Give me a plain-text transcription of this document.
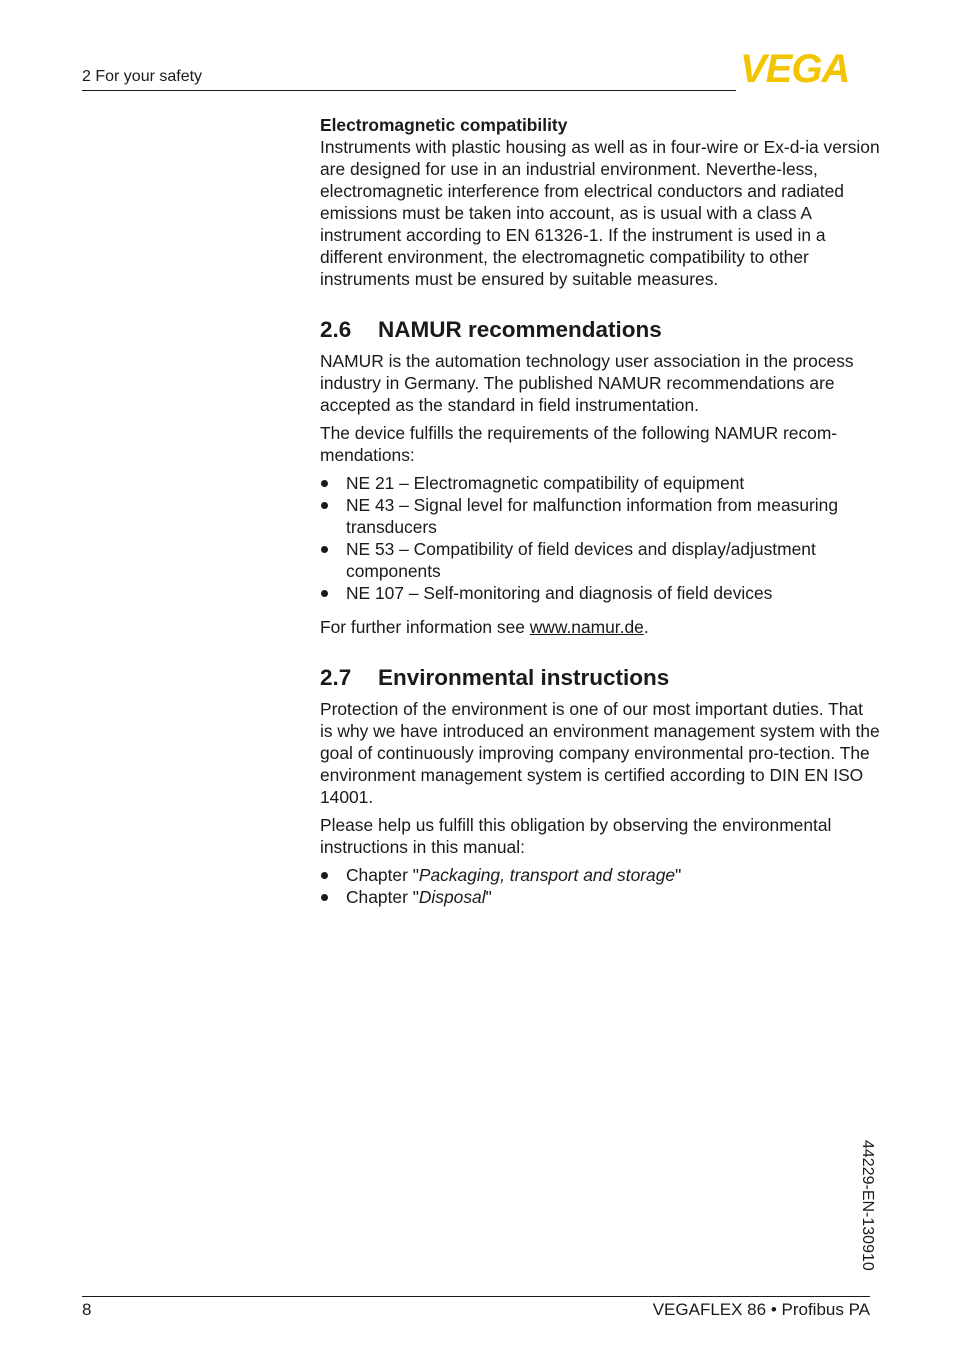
2 For your safety	VEGA

Electromagnetic compatibility

Instruments with plastic housing as well as in four-wire or Ex-d-ia version are designed for use in an industrial environment. Neverthe-less, electromagnetic interference from electrical conductors and radiated emissions must be taken into account, as is usual with a class A instrument according to EN 61326-1. If the instrument is used in a different environment, the electromagnetic compatibility to other instruments must be ensured by suitable measures.

2.6 NAMUR recommendations

NAMUR is the automation technology user association in the process industry in Germany. The published NAMUR recommendations are accepted as the standard in field instrumentation.

The device fulfills the requirements of the following NAMUR recom-mendations:

NE 21 – Electromagnetic compatibility of equipment
NE 43 – Signal level for malfunction information from measuring transducers
NE 53 – Compatibility of field devices and display/adjustment components
NE 107 – Self-monitoring and diagnosis of field devices

For further information see www.namur.de.

2.7 Environmental instructions

Protection of the environment is one of our most important duties. That is why we have introduced an environment management system with the goal of continuously improving company environmental pro-tection. The environment management system is certified according to DIN EN ISO 14001.

Please help us fulfill this obligation by observing the environmental instructions in this manual:

Chapter "Packaging, transport and storage"
Chapter "Disposal"
44229-EN-130910
8	VEGAFLEX 86 • Profibus PA
